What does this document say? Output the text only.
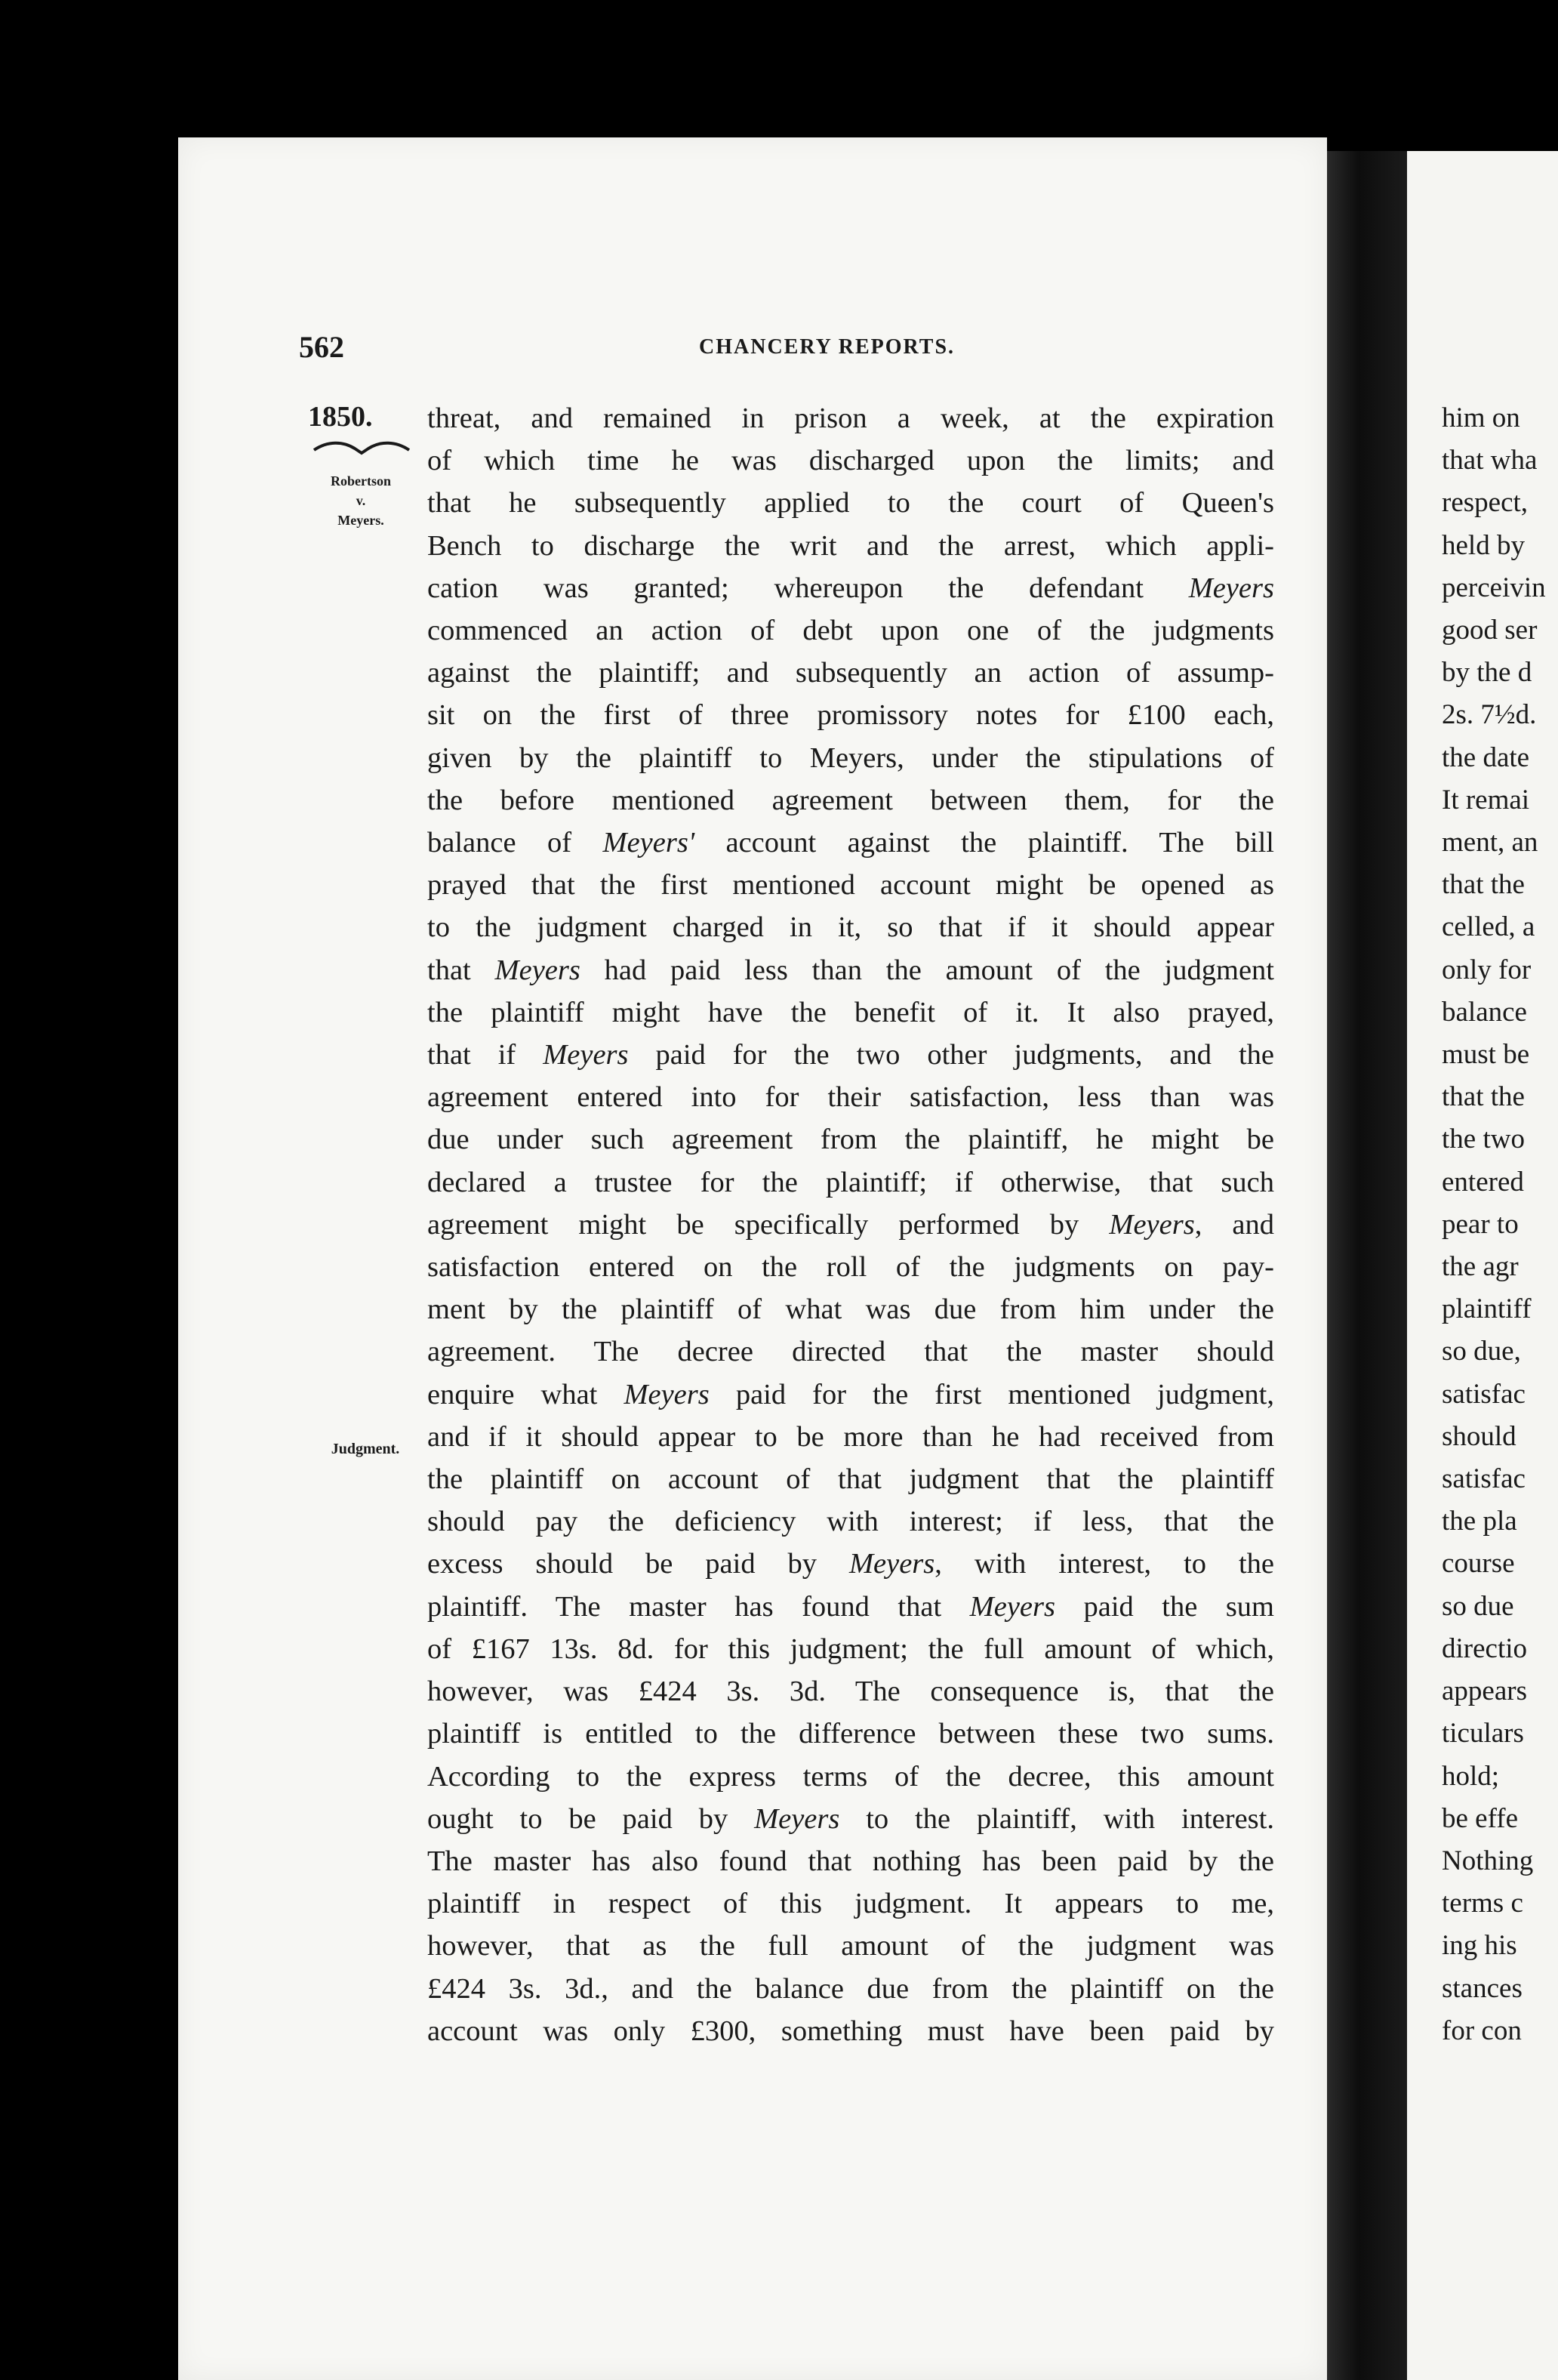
562	CHANCERY REPORTS.
1850.
Robertson
v.
Meyers.
Judgment.
threat, and remained in prison a week, at the expiration
of which time he was discharged upon the limits; and
that he subsequently applied to the court of Queen's
Bench to discharge the writ and the arrest, which appli-
cation was granted; whereupon the defendant Meyers
commenced an action of debt upon one of the judgments
against the plaintiff; and subsequently an action of assump-
sit on the first of three promissory notes for £100 each,
given by the plaintiff to Meyers, under the stipulations of
the before mentioned agreement between them, for the
balance of Meyers' account against the plaintiff. The bill
prayed that the first mentioned account might be opened as
to the judgment charged in it, so that if it should appear
that Meyers had paid less than the amount of the judgment
the plaintiff might have the benefit of it. It also prayed,
that if Meyers paid for the two other judgments, and the
agreement entered into for their satisfaction, less than was
due under such agreement from the plaintiff, he might be
declared a trustee for the plaintiff; if otherwise, that such
agreement might be specifically performed by Meyers, and
satisfaction entered on the roll of the judgments on pay-
ment by the plaintiff of what was due from him under the
agreement. The decree directed that the master should
enquire what Meyers paid for the first mentioned judgment,
and if it should appear to be more than he had received from
the plaintiff on account of that judgment that the plaintiff
should pay the deficiency with interest; if less, that the
excess should be paid by Meyers, with interest, to the
plaintiff. The master has found that Meyers paid the sum
of £167 13s. 8d. for this judgment; the full amount of which,
however, was £424 3s. 3d. The consequence is, that the
plaintiff is entitled to the difference between these two sums.
According to the express terms of the decree, this amount
ought to be paid by Meyers to the plaintiff, with interest.
The master has also found that nothing has been paid by the
plaintiff in respect of this judgment. It appears to me,
however, that as the full amount of the judgment was
£424 3s. 3d., and the balance due from the plaintiff on the
account was only £300, something must have been paid by
him on
that wha
respect,
held by
perceivin
good ser
by the d
2s. 7½d.
the date
It remai
ment, an
that the
celled, a
only for
balance
must be
that the
the two
entered
pear to
the agr
plaintiff
so due,
satisfac
should
satisfac
the pla
course
so due
directio
appears
ticulars
hold;
be effe
Nothing
terms c
ing his
stances
for con
